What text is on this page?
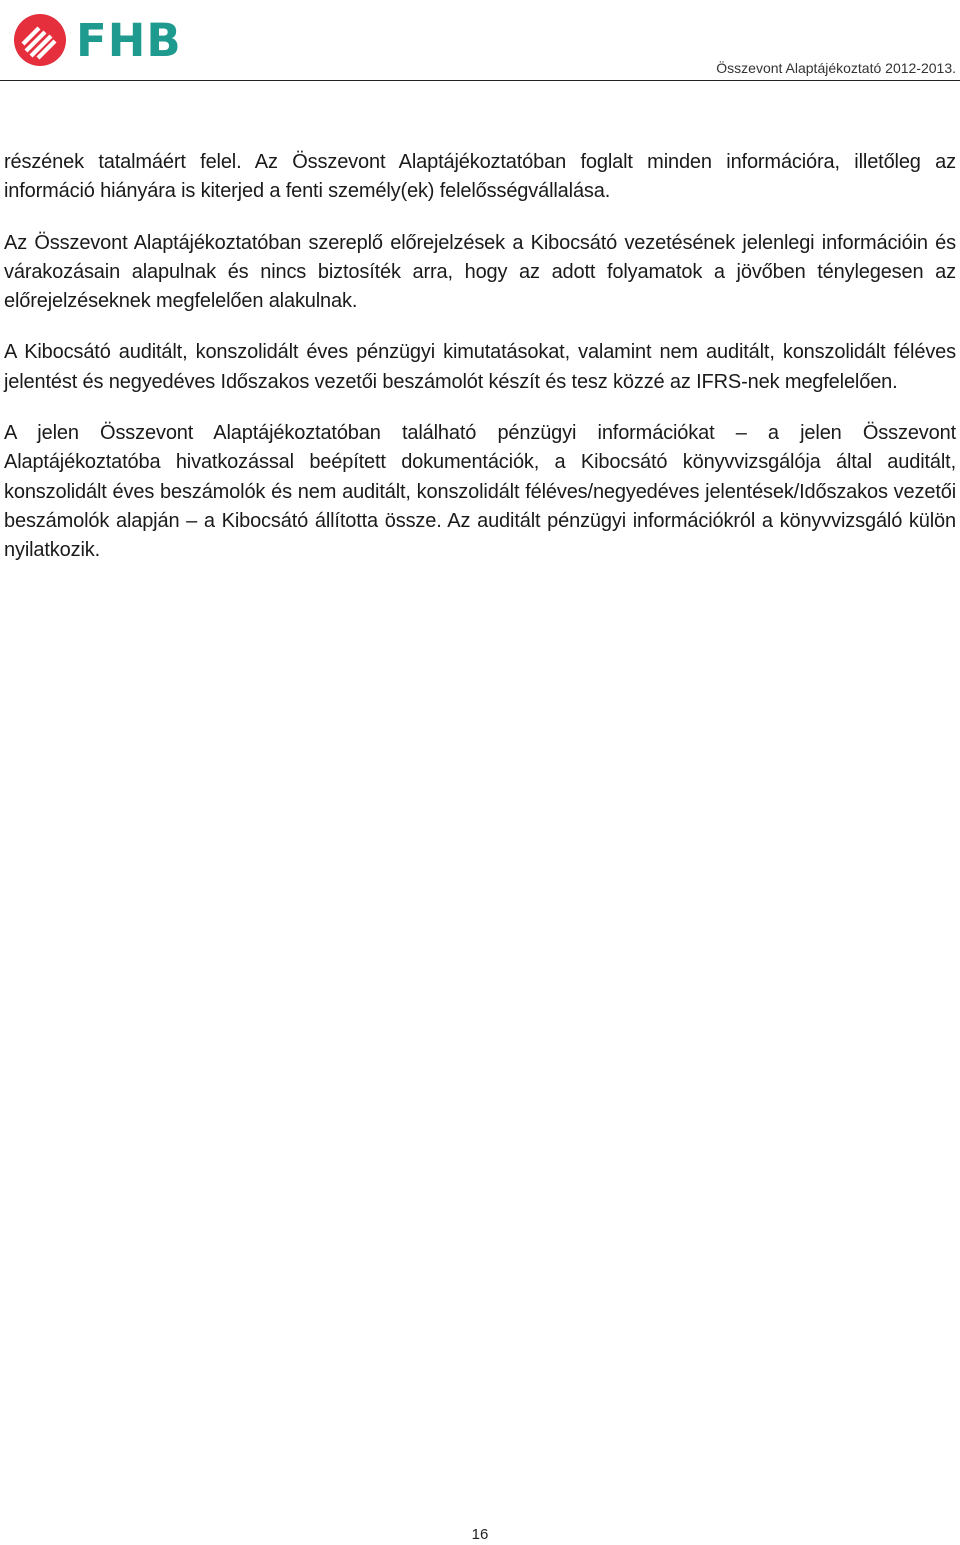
FHB
Összevont Alaptájékoztató 2012-2013.

részének tatalmáért felel. Az Összevont Alaptájékoztatóban foglalt minden információra, illetőleg az információ hiányára is kiterjed a fenti személy(ek) felelősségvállalása.

Az Összevont Alaptájékoztatóban szereplő előrejelzések a Kibocsátó vezetésének jelenlegi információin és várakozásain alapulnak és nincs biztosíték arra, hogy az adott folyamatok a jövőben ténylegesen az előrejelzéseknek megfelelően alakulnak.

A Kibocsátó auditált, konszolidált éves pénzügyi kimutatásokat, valamint nem auditált, konszolidált féléves jelentést és negyedéves Időszakos vezetői beszámolót készít és tesz közzé az IFRS-nek megfelelően.

A jelen Összevont Alaptájékoztatóban található pénzügyi információkat – a jelen Összevont Alaptájékoztatóba hivatkozással beépített dokumentációk, a Kibocsátó könyvvizsgálója által auditált, konszolidált éves beszámolók és nem auditált, konszolidált féléves/negyedéves jelentések/Időszakos vezetői beszámolók alapján – a Kibocsátó állította össze. Az auditált pénzügyi információkról a könyvvizsgáló külön nyilatkozik.

16
